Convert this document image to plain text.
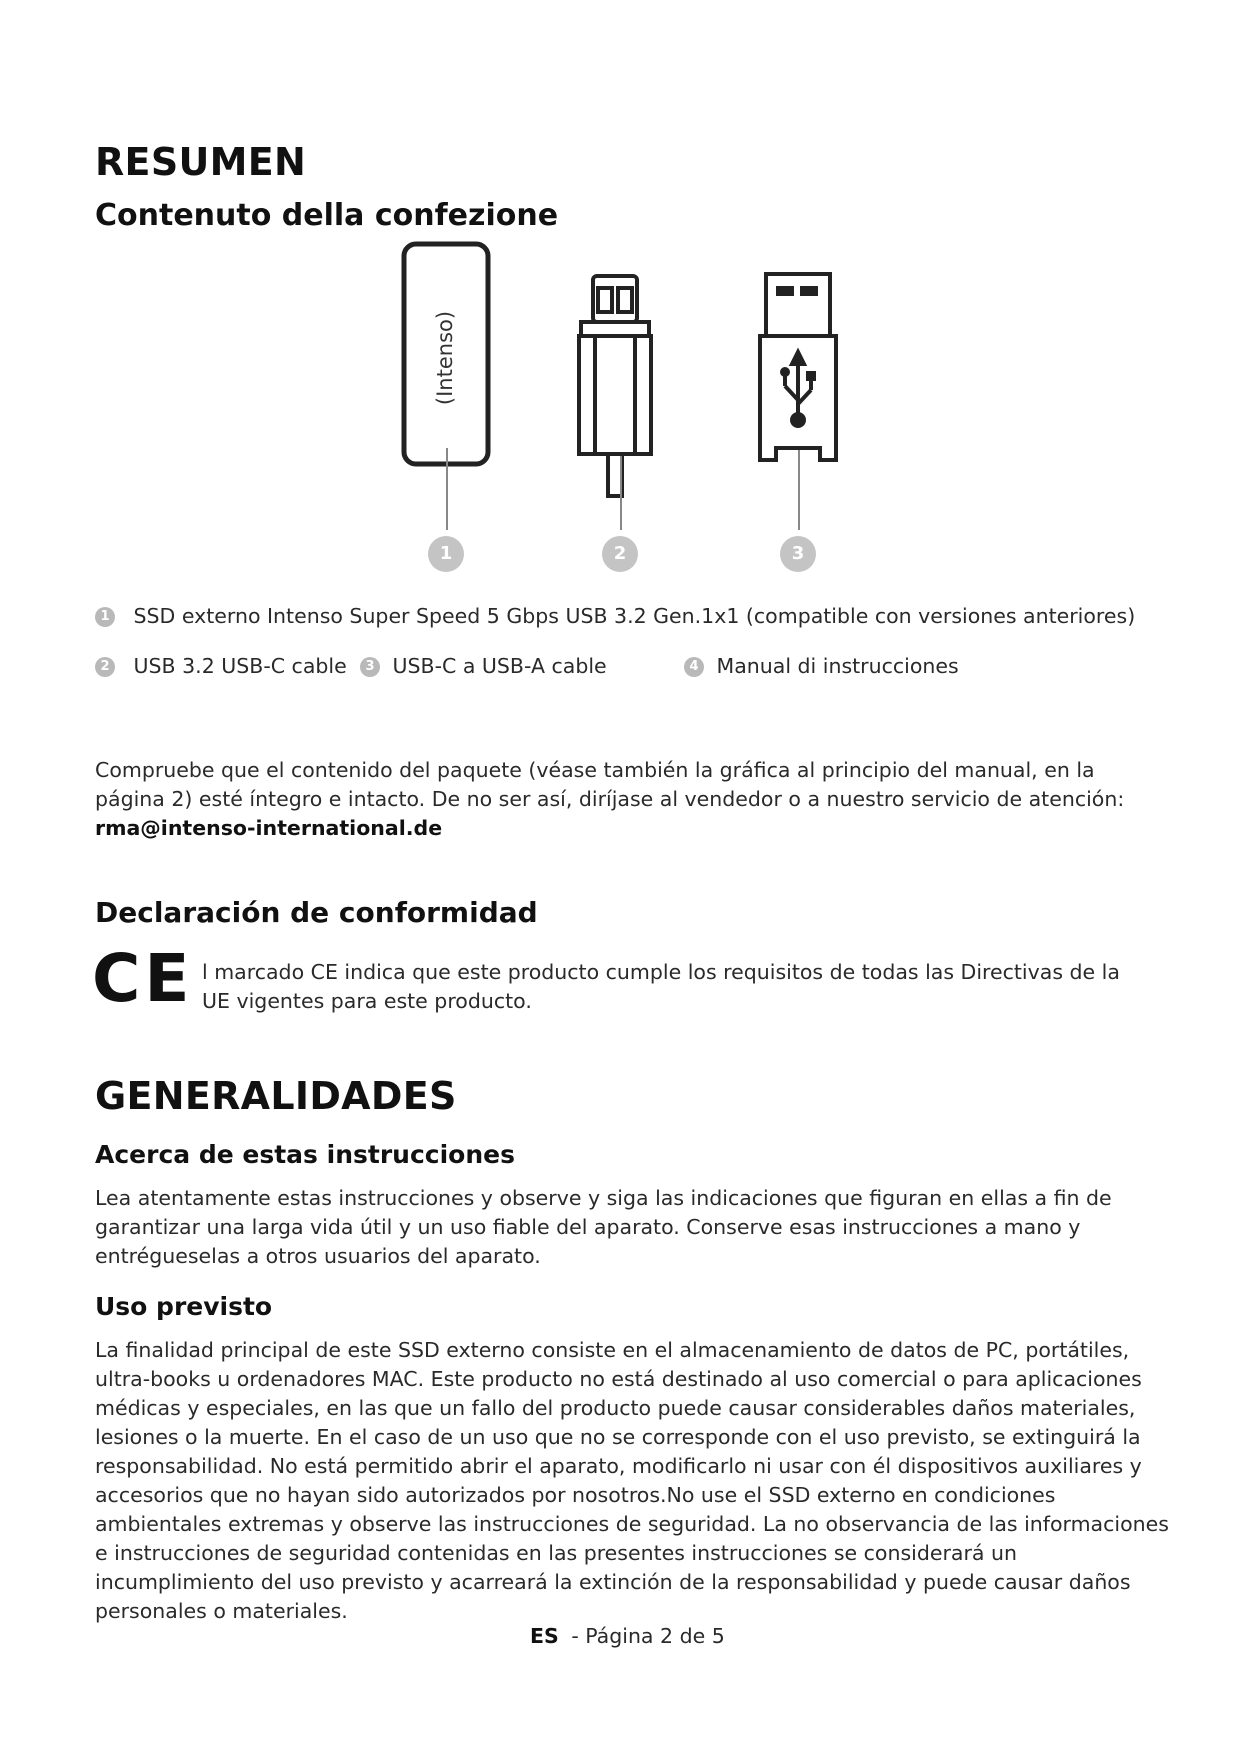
RESUMEN
Contenuto della confezione
(Intenso)
1	2	3
1 SSD externo Intenso Super Speed 5 Gbps USB 3.2 Gen.1x1 (compatible con versiones anteriores)
2 USB 3.2 USB-C cable	3 USB-C a USB-A cable	4 Manual di instrucciones

Compruebe que el contenido del paquete (véase también la gráfica al principio del manual, en la página 2) esté íntegro e intacto. De no ser así, diríjase al vendedor o a nuestro servicio de atención:

rma@intenso-international.de

Declaración de conformidad
CE l marcado CE indica que este producto cumple los requisitos de todas las Directivas de la UE vigentes para este producto.
GENERALIDADES
Acerca de estas instrucciones
Lea atentamente estas instrucciones y observe y siga las indicaciones que figuran en ellas a fin de garantizar una larga vida útil y un uso fiable del aparato. Conserve esas instrucciones a mano y entrégueselas a otros usuarios del aparato.
Uso previsto
La finalidad principal de este SSD externo consiste en el almacenamiento de datos de PC, portátiles, ultra-books u ordenadores MAC. Este producto no está destinado al uso comercial o para aplicaciones médicas y especiales, en las que un fallo del producto puede causar considerables daños materiales, lesiones o la muerte. En el caso de un uso que no se corresponde con el uso previsto, se extinguirá la responsabilidad. No está permitido abrir el aparato, modificarlo ni usar con él dispositivos auxiliares y accesorios que no hayan sido autorizados por nosotros.No use el SSD externo en condiciones ambientales extremas y observe las instrucciones de seguridad. La no observancia de las informaciones e instrucciones de seguridad contenidas en las presentes instrucciones se considerará un incumplimiento del uso previsto y acarreará la extinción de la responsabilidad y puede causar daños personales o materiales.
ES - Página 2 de 5
